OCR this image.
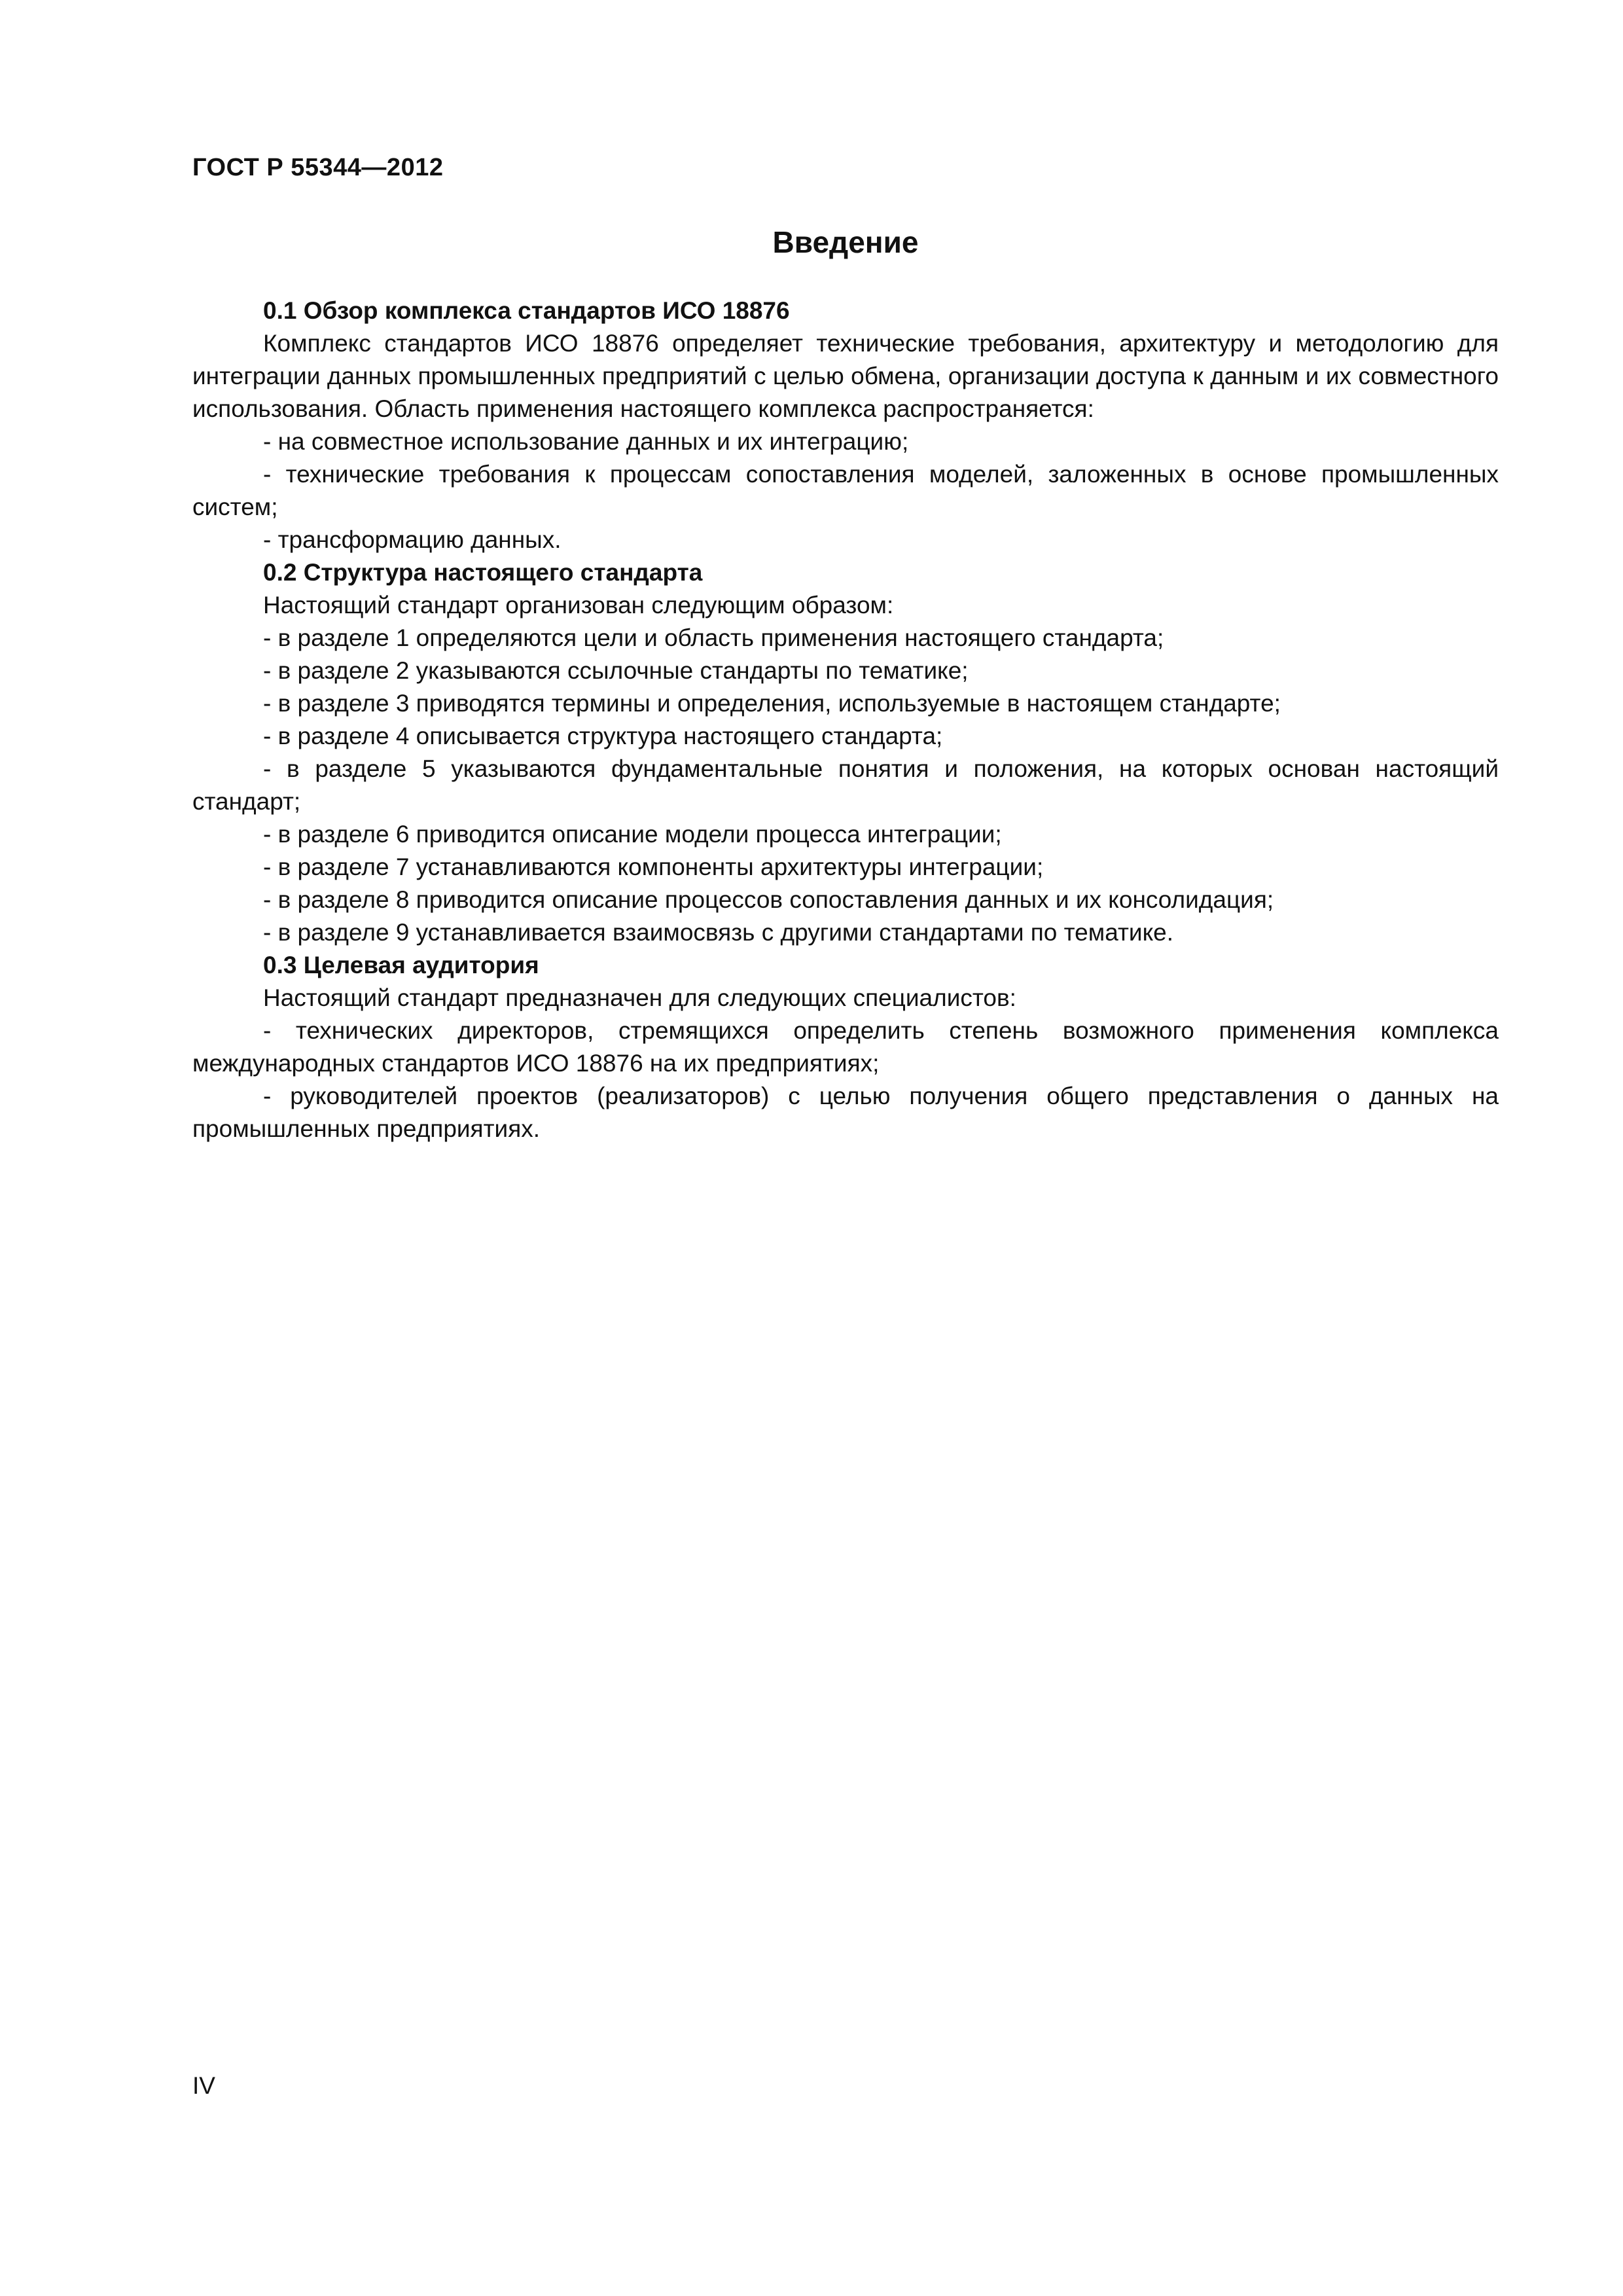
ГОСТ Р 55344—2012
Введение

0.1 Обзор комплекса стандартов ИСО 18876

Комплекс стандартов ИСО 18876 определяет технические требования, архитектуру и методологию для интеграции данных промышленных предприятий с целью обмена, организации доступа к данным и их совместного использования. Область применения настоящего комплекса распространяется:

- на совместное использование данных и их интеграцию;

- технические требования к процессам сопоставления моделей, заложенных в основе промышленных систем;

- трансформацию данных.

0.2 Структура настоящего стандарта

Настоящий стандарт организован следующим образом:

- в разделе 1 определяются цели и область применения настоящего стандарта;

- в разделе 2 указываются ссылочные стандарты по тематике;

- в разделе 3 приводятся термины и определения, используемые в настоящем стандарте;

- в разделе 4 описывается структура настоящего стандарта;

- в разделе 5 указываются фундаментальные понятия и положения, на которых основан настоящий стандарт;

- в разделе 6 приводится описание модели процесса интеграции;

- в разделе 7 устанавливаются компоненты архитектуры интеграции;

- в разделе 8 приводится описание процессов сопоставления данных и их консолидация;

- в разделе 9 устанавливается взаимосвязь с другими стандартами по тематике.

0.3 Целевая аудитория

Настоящий стандарт предназначен для следующих специалистов:

- технических директоров, стремящихся определить степень возможного применения комплекса международных стандартов ИСО 18876 на их предприятиях;

- руководителей проектов (реализаторов) с целью получения общего представления о данных на промышленных предприятиях.

IV
